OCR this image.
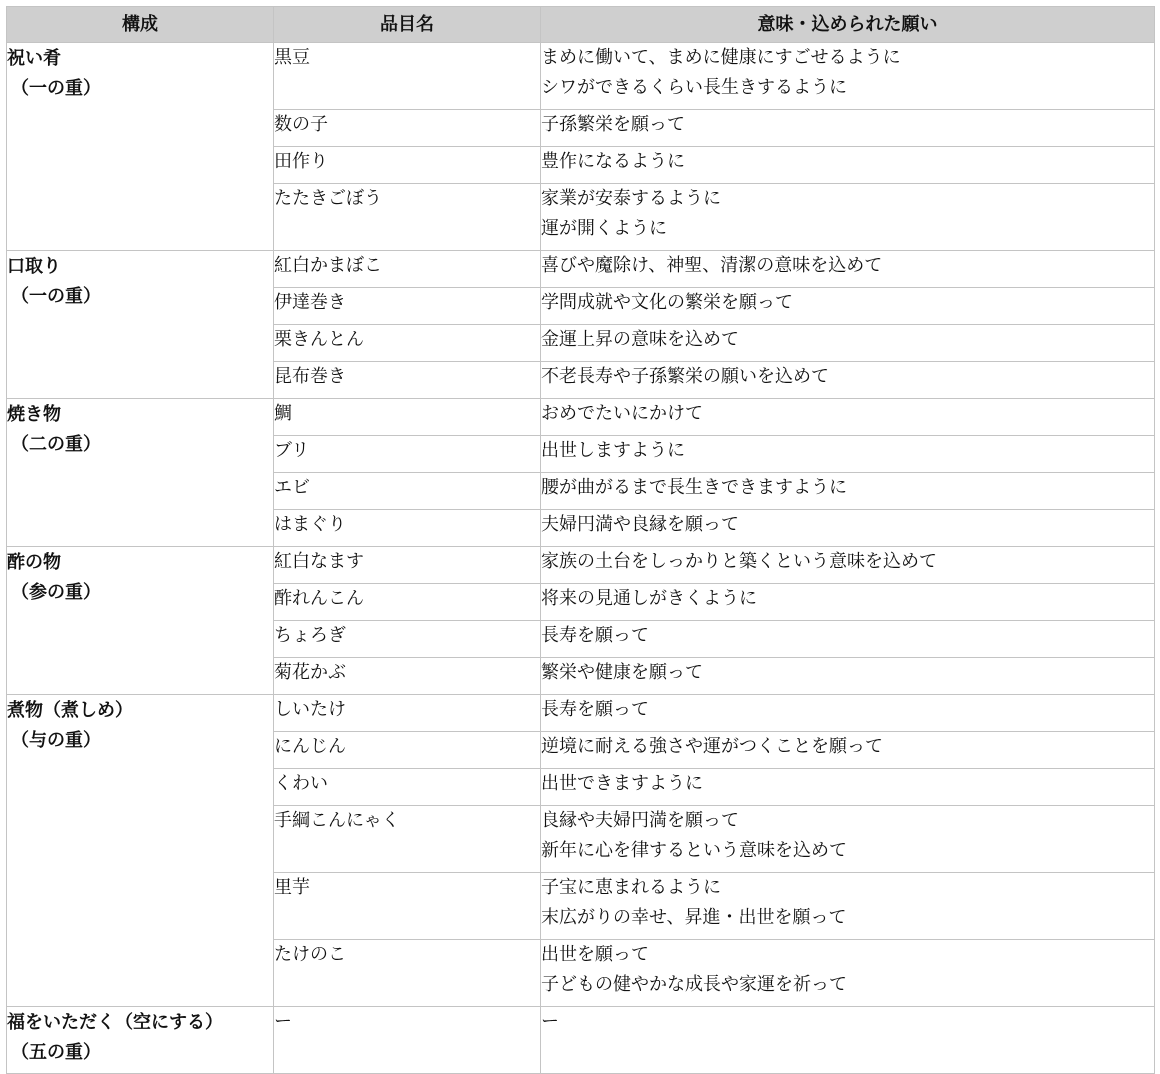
構成	品目名	意味・込められた願い

祝い肴
（一の重）	黒豆	まめに働いて、まめに健康にすごせるように
シワができるくらい長生きするように

	数の子	子孫繁栄を願って

	田作り	豊作になるように

	たたきごぼう	家業が安泰するように
運が開くように

口取り
（一の重）	紅白かまぼこ	喜びや魔除け、神聖、清潔の意味を込めて

	伊達巻き	学問成就や文化の繁栄を願って

	栗きんとん	金運上昇の意味を込めて

	昆布巻き	不老長寿や子孫繁栄の願いを込めて

焼き物
（二の重）	鯛	おめでたいにかけて

	ブリ	出世しますように

	エビ	腰が曲がるまで長生きできますように

	はまぐり	夫婦円満や良縁を願って

酢の物
（参の重）	紅白なます	家族の土台をしっかりと築くという意味を込めて

	酢れんこん	将来の見通しがきくように

	ちょろぎ	長寿を願って

	菊花かぶ	繁栄や健康を願って

煮物（煮しめ）
（与の重）	しいたけ	長寿を願って

	にんじん	逆境に耐える強さや運がつくことを願って

	くわい	出世できますように

	手綱こんにゃく	良縁や夫婦円満を願って
新年に心を律するという意味を込めて

	里芋	子宝に恵まれるように
末広がりの幸せ、昇進・出世を願って

	たけのこ	出世を願って
子どもの健やかな成長や家運を祈って

福をいただく（空にする）
（五の重）	ー	ー
